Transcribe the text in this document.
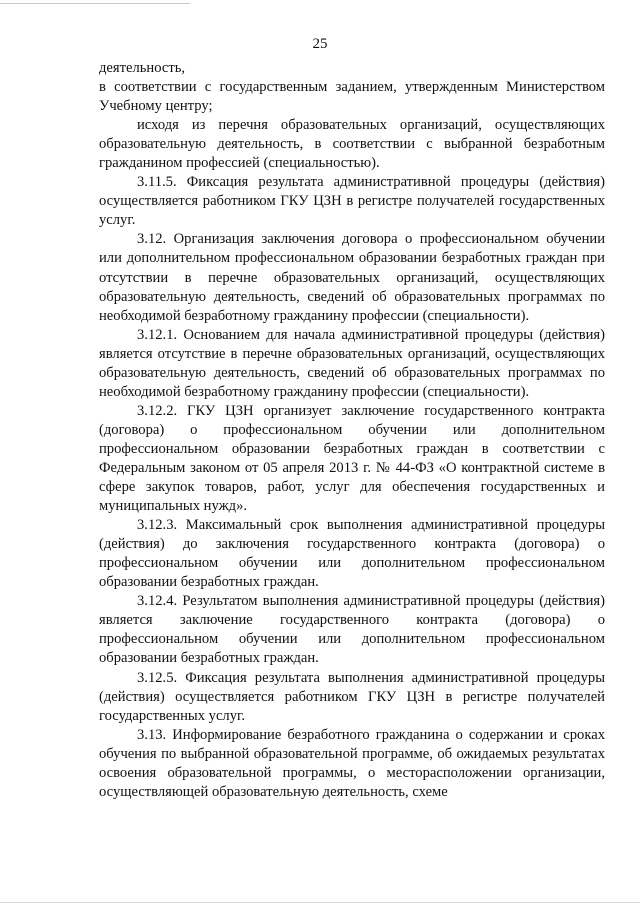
25

деятельность,

в соответствии с государственным заданием, утвержденным Министерством Учебному центру;

исходя из перечня образовательных организаций, осуществляющих образовательную деятельность, в соответствии с выбранной безработным гражданином профессией (специальностью).

3.11.5. Фиксация результата административной процедуры (действия) осуществляется работником ГКУ ЦЗН в регистре получателей государственных услуг.

3.12. Организация заключения договора о профессиональном обучении или дополнительном профессиональном образовании безработных граждан при отсутствии в перечне образовательных организаций, осуществляющих образовательную деятельность, сведений об образовательных программах по необходимой безработному гражданину профессии (специальности).

3.12.1. Основанием для начала административной процедуры (действия) является отсутствие в перечне образовательных организаций, осуществляющих образовательную деятельность, сведений об образовательных программах по необходимой безработному гражданину профессии (специальности).

3.12.2. ГКУ ЦЗН организует заключение государственного контракта (договора) о профессиональном обучении или дополнительном профессиональном образовании безработных граждан в соответствии с Федеральным законом от 05 апреля 2013 г. № 44-ФЗ «О контрактной системе в сфере закупок товаров, работ, услуг для обеспечения государственных и муниципальных нужд».

3.12.3. Максимальный срок выполнения административной процедуры (действия) до заключения государственного контракта (договора) о профессиональном обучении или дополнительном профессиональном образовании безработных граждан.

3.12.4. Результатом выполнения административной процедуры (действия) является заключение государственного контракта (договора) о профессиональном обучении или дополнительном профессиональном образовании безработных граждан.

3.12.5. Фиксация результата выполнения административной процедуры (действия) осуществляется работником ГКУ ЦЗН в регистре получателей государственных услуг.

3.13. Информирование безработного гражданина о содержании и сроках обучения по выбранной образовательной программе, об ожидаемых результатах освоения образовательной программы, о месторасположении организации, осуществляющей образовательную деятельность, схеме
